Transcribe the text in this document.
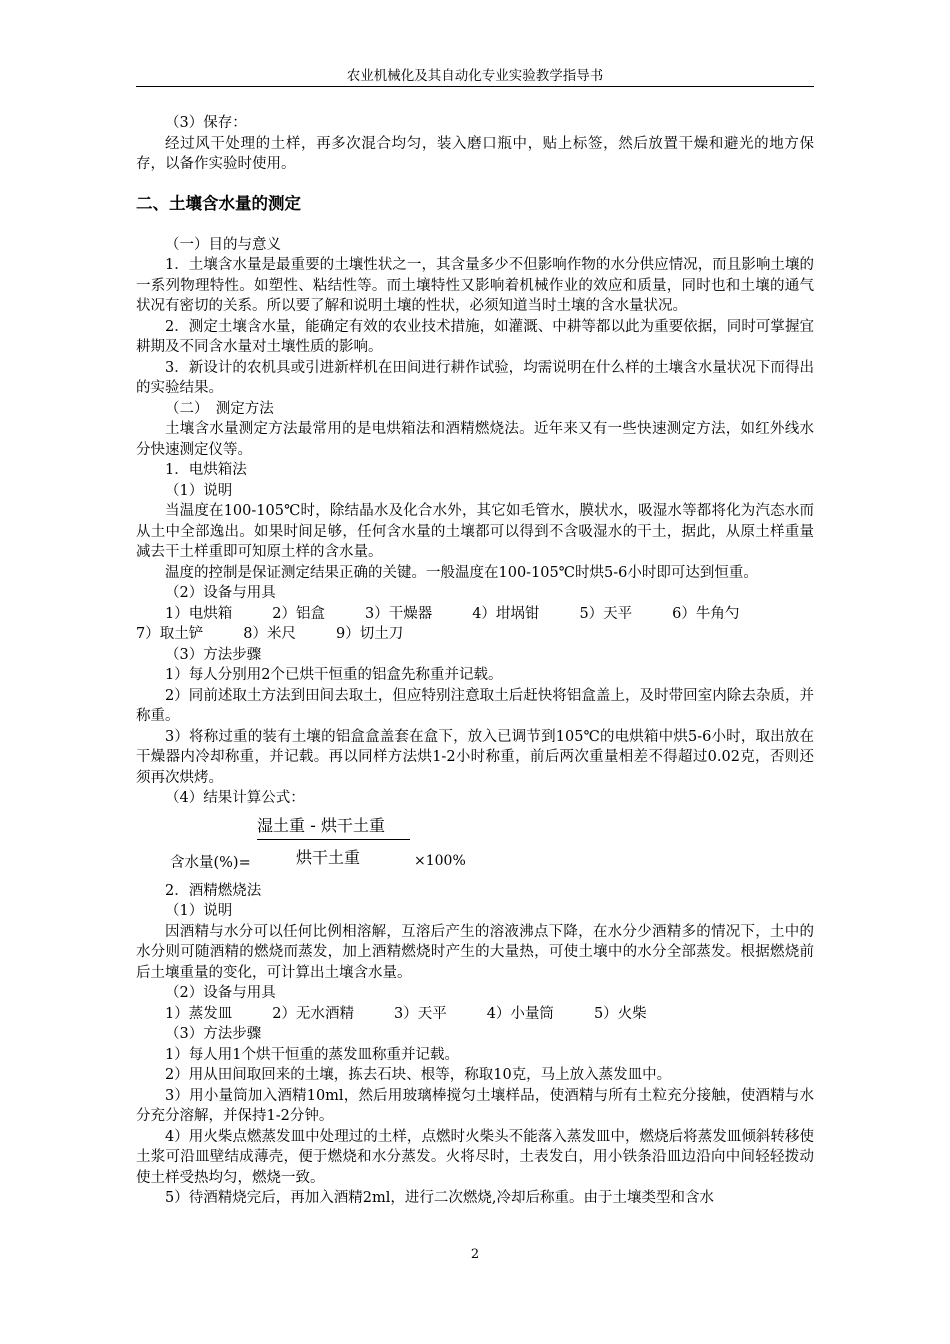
农业机械化及其自动化专业实验教学指导书

（3）保存：

经过风干处理的土样，再多次混合均匀，装入磨口瓶中，贴上标签，然后放置干燥和避光的地方保存，以备作实验时使用。

二、土壤含水量的测定

（一）目的与意义

1．土壤含水量是最重要的土壤性状之一，其含量多少不但影响作物的水分供应情况，而且影响土壤的一系列物理特性。如塑性、粘结性等。而土壤特性又影响着机械作业的效应和质量，同时也和土壤的通气状况有密切的关系。所以要了解和说明土壤的性状，必须知道当时土壤的含水量状况。

2．测定土壤含水量，能确定有效的农业技术措施，如灌溉、中耕等都以此为重要依据，同时可掌握宜耕期及不同含水量对土壤性质的影响。

3．新设计的农机具或引进新样机在田间进行耕作试验，均需说明在什么样的土壤含水量状况下而得出的实验结果。

（二）　测定方法

土壤含水量测定方法最常用的是电烘箱法和酒精燃烧法。近年来又有一些快速测定方法，如红外线水分快速测定仪等。

1．电烘箱法

（1）说明

当温度在100-105℃时，除结晶水及化合水外，其它如毛管水，膜状水，吸湿水等都将化为汽态水而从土中全部逸出。如果时间足够，任何含水量的土壤都可以得到不含吸湿水的干土，据此，从原土样重量减去干土样重即可知原土样的含水量。

温度的控制是保证测定结果正确的关键。一般温度在100-105℃时烘5-6小时即可达到恒重。

（2）设备与用具

1）电烘箱	2）铝盒	3）干燥器	4）坩埚钳	5）天平	6）牛角勺
7）取土铲	8）米尺	9）切土刀

（3）方法步骤

1）每人分别用2个已烘干恒重的铝盒先称重并记载。

2）同前述取土方法到田间去取土，但应特别注意取土后赶快将铝盒盖上，及时带回室内除去杂质，并称重。

3）将称过重的装有土壤的铝盒盒盖套在盒下，放入已调节到105℃的电烘箱中烘5-6小时，取出放在干燥器内冷却称重，并记载。再以同样方法烘1-2小时称重，前后两次重量相差不得超过0.02克，否则还须再次烘烤。

（4）结果计算公式：

湿土重 - 烘干土重
烘干土重
含水量(%)=	×100%

2．酒精燃烧法

（1）说明

因酒精与水分可以任何比例相溶解，互溶后产生的溶液沸点下降，在水分少酒精多的情况下，土中的水分则可随酒精的燃烧而蒸发，加上酒精燃烧时产生的大量热，可使土壤中的水分全部蒸发。根据燃烧前后土壤重量的变化，可计算出土壤含水量。

（2）设备与用具

1）蒸发皿	2）无水酒精	3）天平	4）小量筒	5）火柴

（3）方法步骤

1）每人用1个烘干恒重的蒸发皿称重并记载。

2）用从田间取回来的土壤，拣去石块、根等，称取10克，马上放入蒸发皿中。

3）用小量筒加入酒精10ml，然后用玻璃棒搅匀土壤样品，使酒精与所有土粒充分接触，使酒精与水分充分溶解，并保持1-2分钟。

4）用火柴点燃蒸发皿中处理过的土样，点燃时火柴头不能落入蒸发皿中，燃烧后将蒸发皿倾斜转移使土浆可沿皿壁结成薄壳，便于燃烧和水分蒸发。火将尽时，土表发白，用小铁条沿皿边沿向中间轻轻拨动使土样受热均匀，燃烧一致。

5）待酒精烧完后，再加入酒精2ml，进行二次燃烧,冷却后称重。由于土壤类型和含水

2
